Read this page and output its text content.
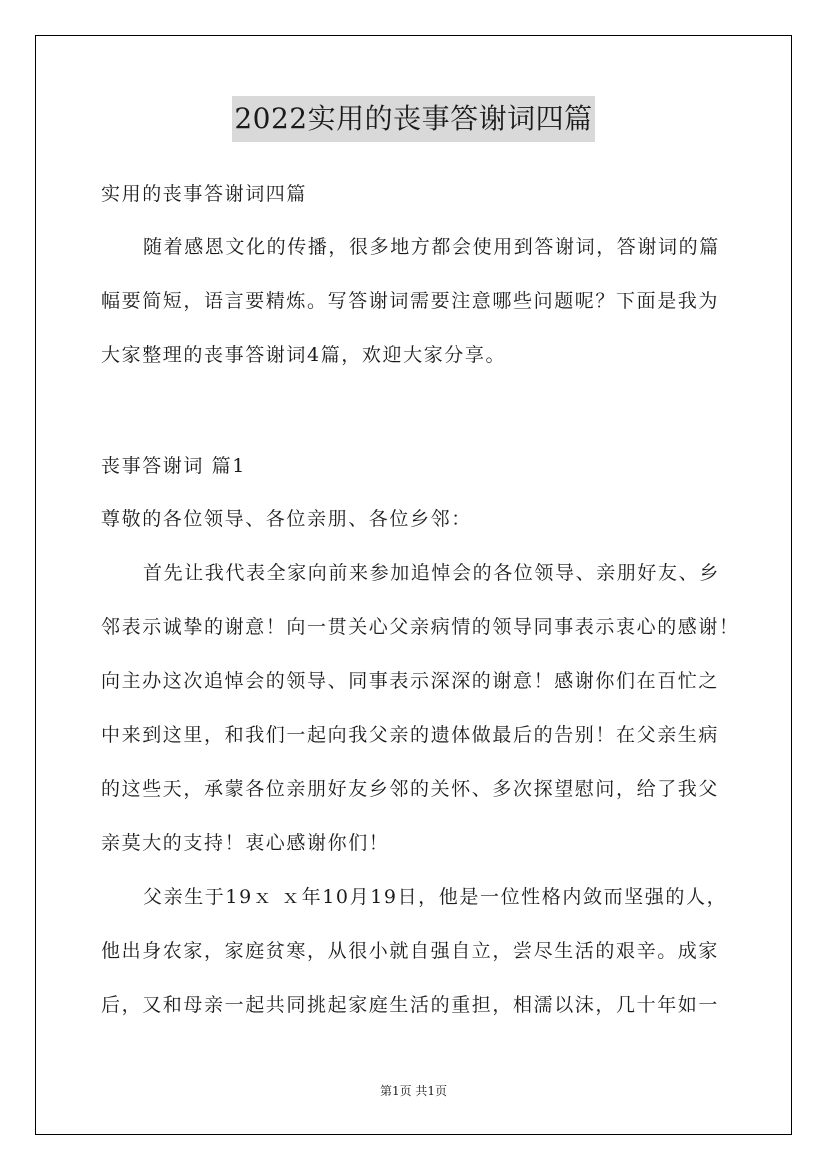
2022实用的丧事答谢词四篇
实用的丧事答谢词四篇
随着感恩文化的传播，很多地方都会使用到答谢词，答谢词的篇
幅要简短，语言要精炼。写答谢词需要注意哪些问题呢？下面是我为
大家整理的丧事答谢词4篇，欢迎大家分享。
丧事答谢词 篇1
尊敬的各位领导、各位亲朋、各位乡邻：
首先让我代表全家向前来参加追悼会的各位领导、亲朋好友、乡
邻表示诚挚的谢意！向一贯关心父亲病情的领导同事表示衷心的感谢！
向主办这次追悼会的领导、同事表示深深的谢意！感谢你们在百忙之
中来到这里，和我们一起向我父亲的遗体做最后的告别！在父亲生病
的这些天，承蒙各位亲朋好友乡邻的关怀、多次探望慰问，给了我父
亲莫大的支持！衷心感谢你们！
父亲生于19ｘ ｘ年10月19日，他是一位性格内敛而坚强的人，
他出身农家，家庭贫寒，从很小就自强自立，尝尽生活的艰辛。成家
后，又和母亲一起共同挑起家庭生活的重担，相濡以沫，几十年如一
第1页 共1页
